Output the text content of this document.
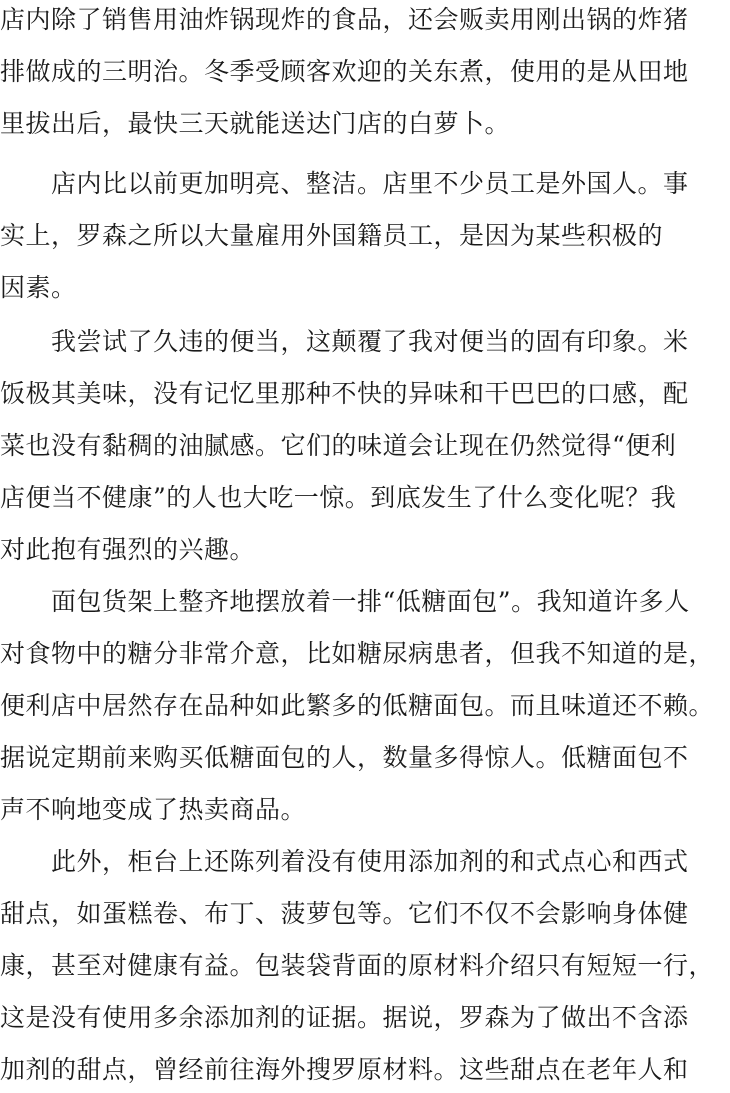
店内除了销售用油炸锅现炸的食品，还会贩卖用刚出锅的炸猪
排做成的三明治。冬季受顾客欢迎的关东煮，使用的是从田地
里拔出后，最快三天就能送达门店的白萝卜。
　　店内比以前更加明亮、整洁。店里不少员工是外国人。事
实上，罗森之所以大量雇用外国籍员工，是因为某些积极的
因素。
　　我尝试了久违的便当，这颠覆了我对便当的固有印象。米
饭极其美味，没有记忆里那种不快的异味和干巴巴的口感，配
菜也没有黏稠的油腻感。它们的味道会让现在仍然觉得“便利
店便当不健康”的人也大吃一惊。到底发生了什么变化呢？我
对此抱有强烈的兴趣。
　　面包货架上整齐地摆放着一排“低糖面包”。我知道许多人
对食物中的糖分非常介意，比如糖尿病患者，但我不知道的是，
便利店中居然存在品种如此繁多的低糖面包。而且味道还不赖。
据说定期前来购买低糖面包的人，数量多得惊人。低糖面包不
声不响地变成了热卖商品。
　　此外，柜台上还陈列着没有使用添加剂的和式点心和西式
甜点，如蛋糕卷、布丁、菠萝包等。它们不仅不会影响身体健
康，甚至对健康有益。包装袋背面的原材料介绍只有短短一行，
这是没有使用多余添加剂的证据。据说，罗森为了做出不含添
加剂的甜点，曾经前往海外搜罗原材料。这些甜点在老年人和
